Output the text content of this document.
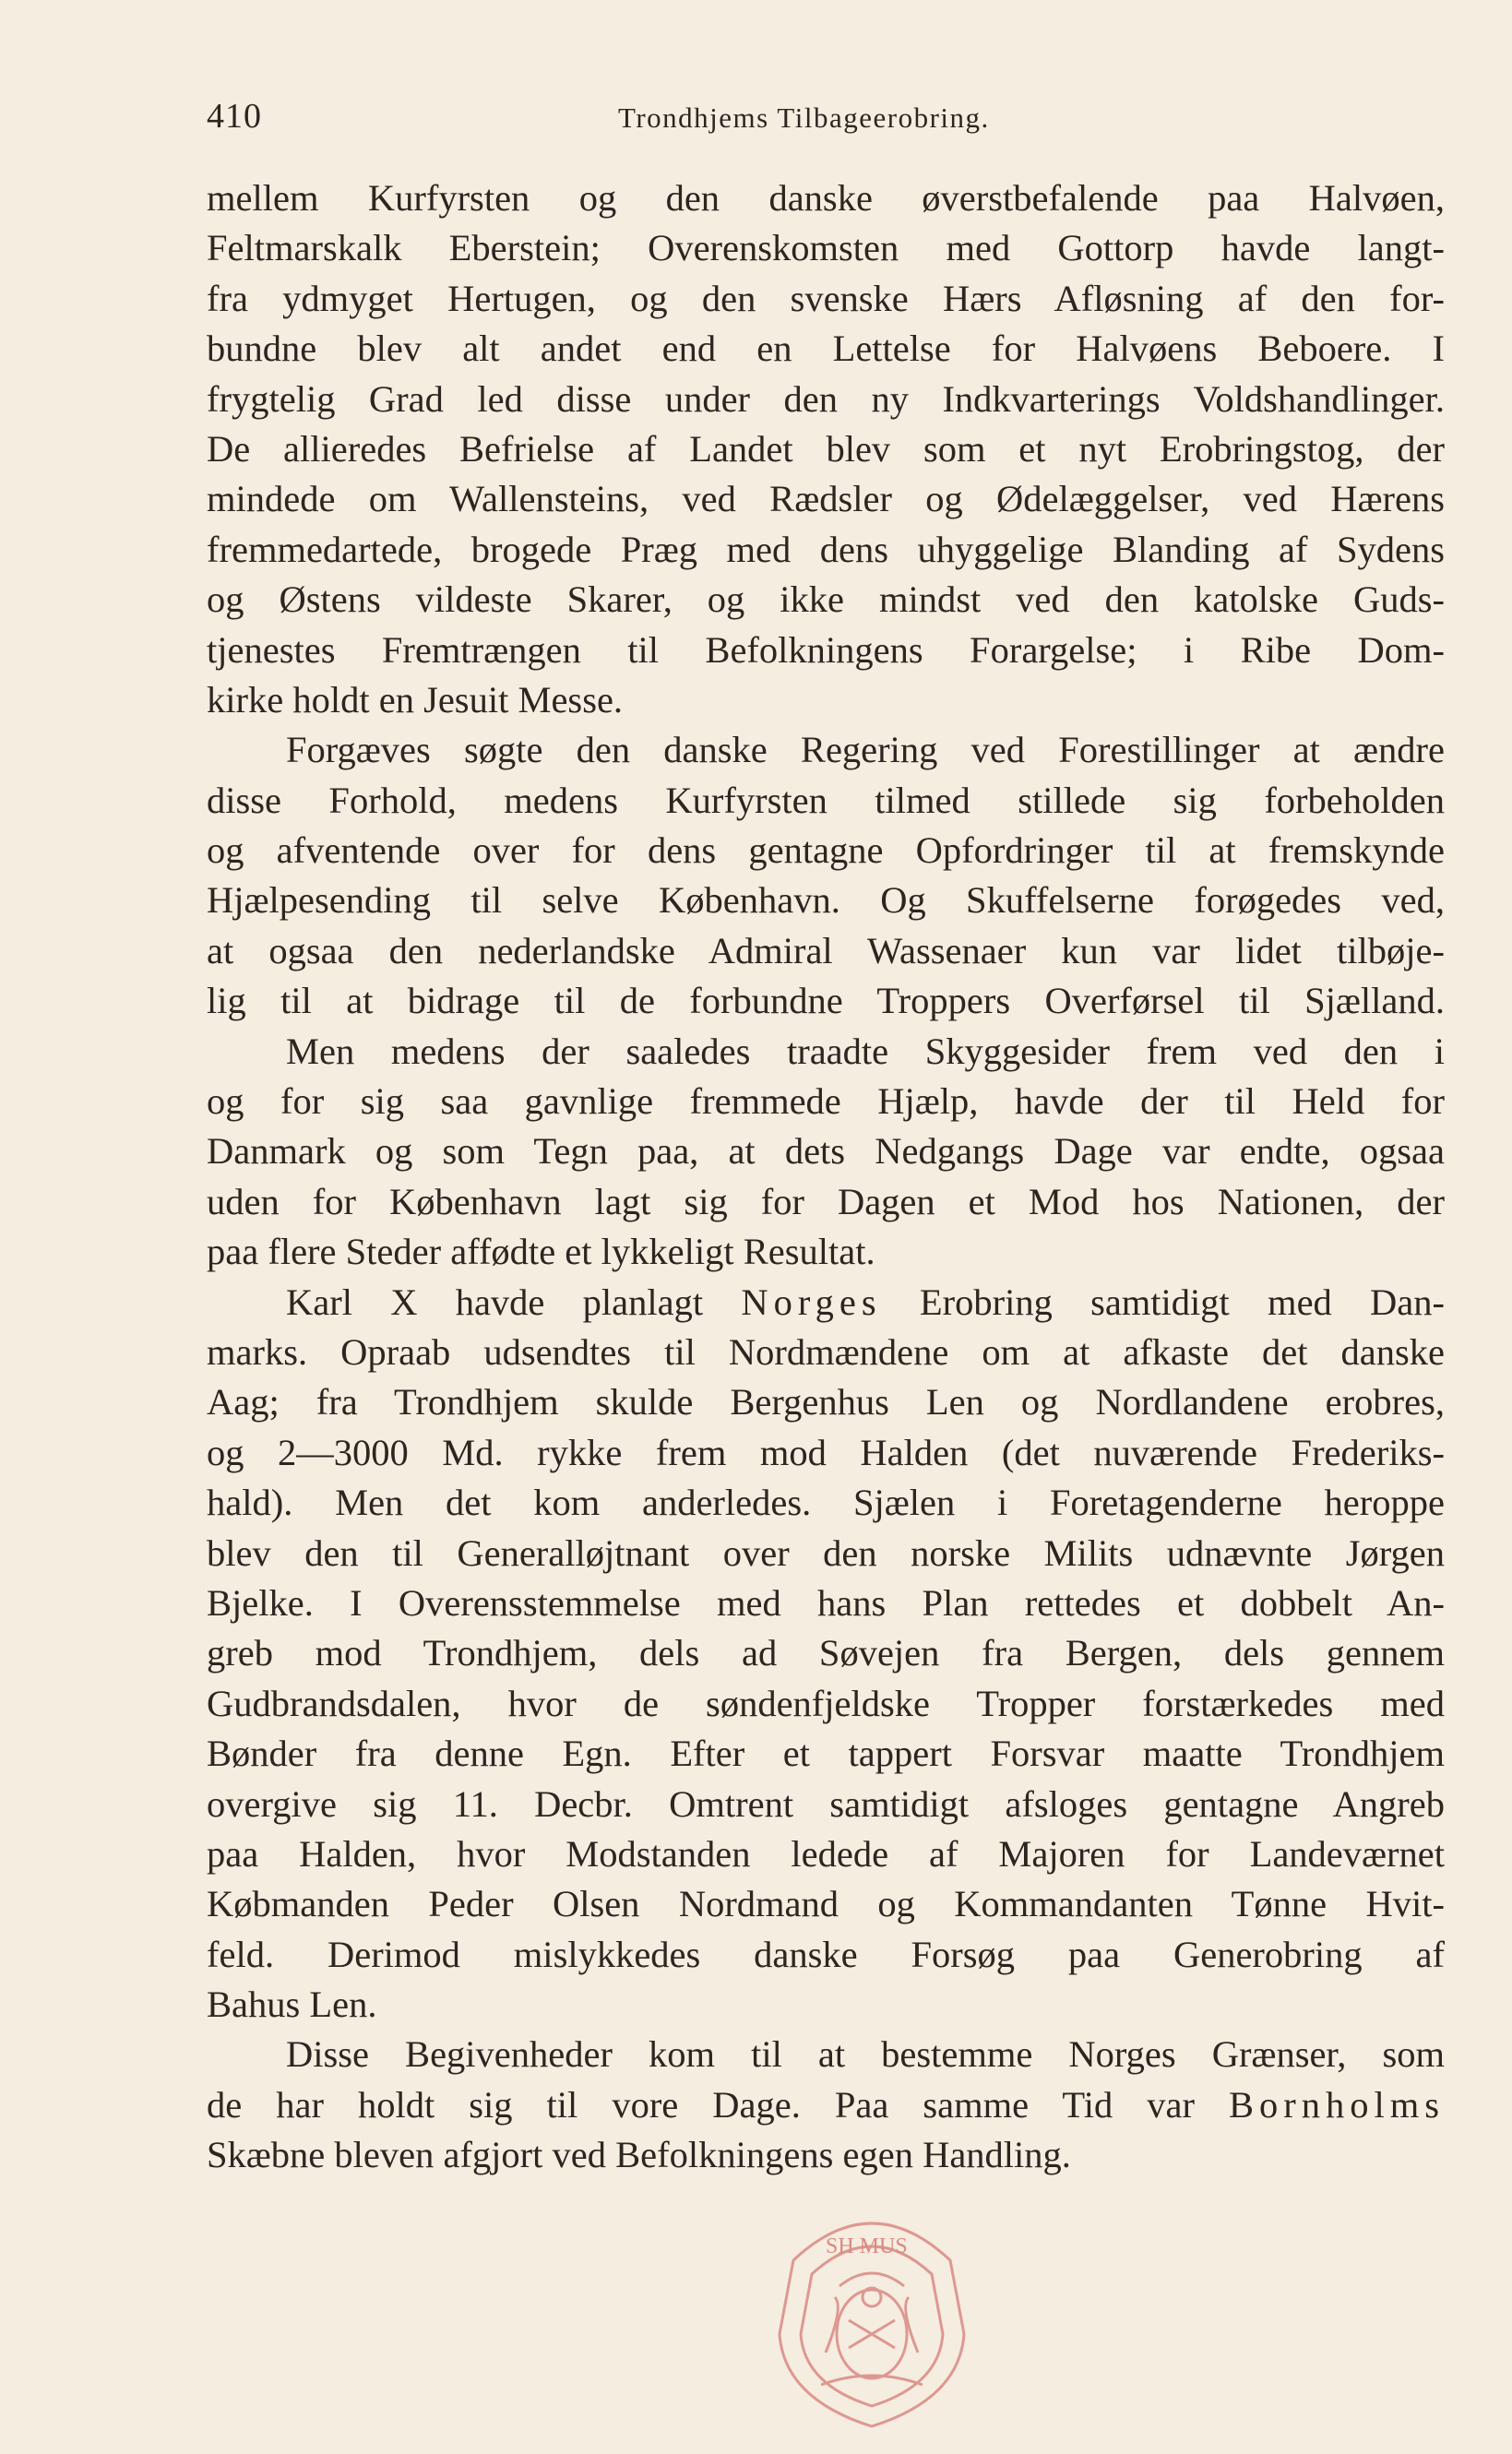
410	Trondhjems Tilbageerobring.
mellem Kurfyrsten og den danske øverstbefalende paa Halvøen,
Feltmarskalk Eberstein; Overenskomsten med Gottorp havde langt-
fra ydmyget Hertugen, og den svenske Hærs Afløsning af den for-
bundne blev alt andet end en Lettelse for Halvøens Beboere. I
frygtelig Grad led disse under den ny Indkvarterings Voldshandlinger.
De allieredes Befrielse af Landet blev som et nyt Erobringstog, der
mindede om Wallensteins, ved Rædsler og Ødelæggelser, ved Hærens
fremmedartede, brogede Præg med dens uhyggelige Blanding af Sydens
og Østens vildeste Skarer, og ikke mindst ved den katolske Guds-
tjenestes Fremtrængen til Befolkningens Forargelse; i Ribe Dom-
kirke holdt en Jesuit Messe.
Forgæves søgte den danske Regering ved Forestillinger at ændre
disse Forhold, medens Kurfyrsten tilmed stillede sig forbeholden
og afventende over for dens gentagne Opfordringer til at fremskynde
Hjælpesending til selve København. Og Skuffelserne forøgedes ved,
at ogsaa den nederlandske Admiral Wassenaer kun var lidet tilbøje-
lig til at bidrage til de forbundne Troppers Overførsel til Sjælland.
Men medens der saaledes traadte Skyggesider frem ved den i
og for sig saa gavnlige fremmede Hjælp, havde der til Held for
Danmark og som Tegn paa, at dets Nedgangs Dage var endte, ogsaa
uden for København lagt sig for Dagen et Mod hos Nationen, der
paa flere Steder affødte et lykkeligt Resultat.
Karl X havde planlagt Norges Erobring samtidigt med Dan-
marks. Opraab udsendtes til Nordmændene om at afkaste det danske
Aag; fra Trondhjem skulde Bergenhus Len og Nordlandene erobres,
og 2—3000 Md. rykke frem mod Halden (det nuværende Frederiks-
hald). Men det kom anderledes. Sjælen i Foretagenderne heroppe
blev den til Generalløjtnant over den norske Milits udnævnte Jørgen
Bjelke. I Overensstemmelse med hans Plan rettedes et dobbelt An-
greb mod Trondhjem, dels ad Søvejen fra Bergen, dels gennem
Gudbrandsdalen, hvor de søndenfjeldske Tropper forstærkedes med
Bønder fra denne Egn. Efter et tappert Forsvar maatte Trondhjem
overgive sig 11. Decbr. Omtrent samtidigt afsloges gentagne Angreb
paa Halden, hvor Modstanden ledede af Majoren for Landeværnet
Købmanden Peder Olsen Nordmand og Kommandanten Tønne Hvit-
feld. Derimod mislykkedes danske Forsøg paa Generobring af
Bahus Len.
Disse Begivenheder kom til at bestemme Norges Grænser, som
de har holdt sig til vore Dage. Paa samme Tid var Bornholms
Skæbne bleven afgjort ved Befolkningens egen Handling.
SH MUS
